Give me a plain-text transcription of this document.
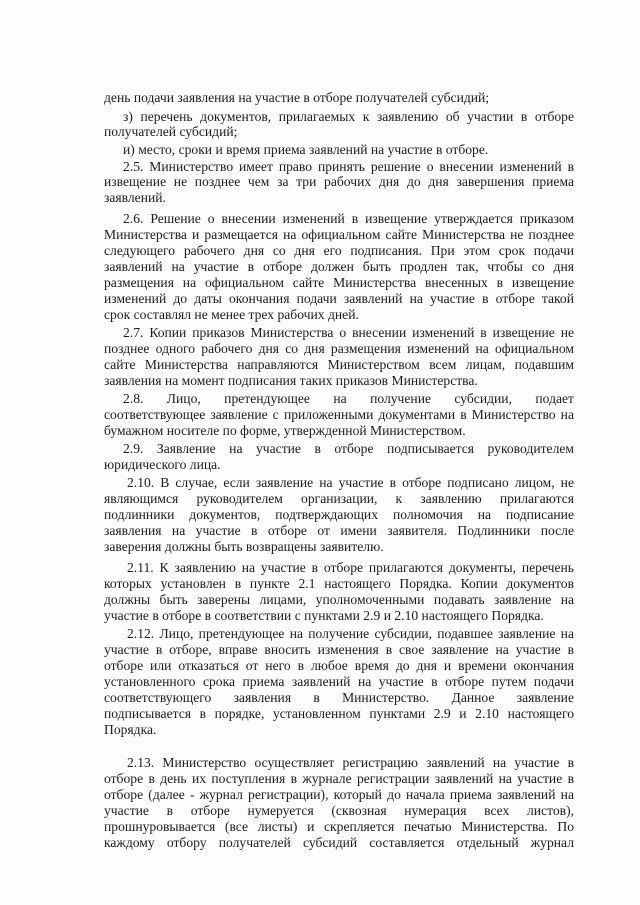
день подачи заявления на участие в отборе получателей субсидий;
з) перечень документов, прилагаемых к заявлению об участии в отборе
получателей субсидий;
и) место, сроки и время приема заявлений на участие в отборе.
2.5. Министерство имеет право принять решение о внесении изменений в
извещение не позднее чем за три рабочих дня до дня завершения приема
заявлений.
2.6. Решение о внесении изменений в извещение утверждается приказом
Министерства и размещается на официальном сайте Министерства не позднее
следующего рабочего дня со дня его подписания. При этом срок подачи
заявлений на участие в отборе должен быть продлен так, чтобы со дня
размещения на официальном сайте Министерства внесенных в извещение
изменений до даты окончания подачи заявлений на участие в отборе такой
срок составлял не менее трех рабочих дней.
2.7. Копии приказов Министерства о внесении изменений в извещение не
позднее одного рабочего дня со дня размещения изменений на официальном
сайте Министерства направляются Министерством всем лицам, подавшим
заявления на момент подписания таких приказов Министерства.
2.8. Лицо, претендующее на получение субсидии, подает
соответствующее заявление с приложенными документами в Министерство на
бумажном носителе по форме, утвержденной Министерством.
2.9. Заявление на участие в отборе подписывается руководителем
юридического лица.
2.10. В случае, если заявление на участие в отборе подписано лицом, не
являющимся руководителем организации, к заявлению прилагаются
подлинники документов, подтверждающих полномочия на подписание
заявления на участие в отборе от имени заявителя. Подлинники после
заверения должны быть возвращены заявителю.
2.11. К заявлению на участие в отборе прилагаются документы, перечень
которых установлен в пункте 2.1 настоящего Порядка. Копии документов
должны быть заверены лицами, уполномоченными подавать заявление на
участие в отборе в соответствии с пунктами 2.9 и 2.10 настоящего Порядка.
2.12. Лицо, претендующее на получение субсидии, подавшее заявление на
участие в отборе, вправе вносить изменения в свое заявление на участие в
отборе или отказаться от него в любое время до дня и времени окончания
установленного срока приема заявлений на участие в отборе путем подачи
соответствующего заявления в Министерство. Данное заявление
подписывается в порядке, установленном пунктами 2.9 и 2.10 настоящего
Порядка.
2.13. Министерство осуществляет регистрацию заявлений на участие в
отборе в день их поступления в журнале регистрации заявлений на участие в
отборе (далее - журнал регистрации), который до начала приема заявлений на
участие в отборе нумеруется (сквозная нумерация всех листов),
прошнуровывается (все листы) и скрепляется печатью Министерства. По
каждому отбору получателей субсидий составляется отдельный журнал
